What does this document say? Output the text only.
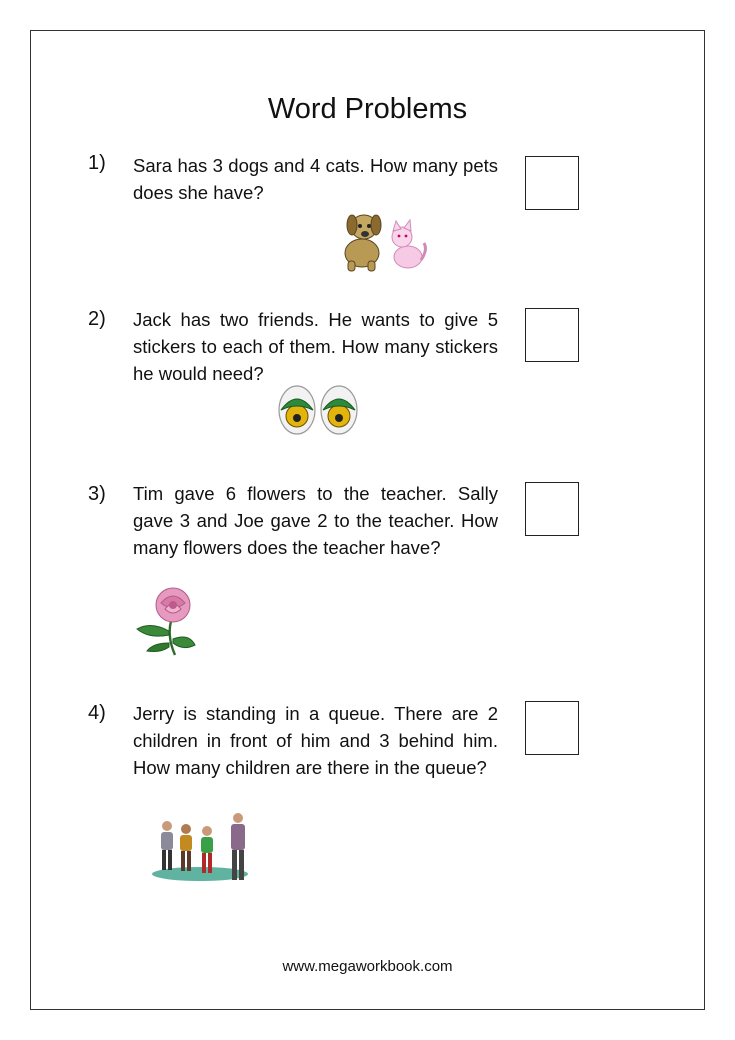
Word Problems
1) Sara has 3 dogs and 4 cats. How many pets does she have?
2) Jack has two friends. He wants to give 5 stickers to each of them. How many stickers he would need?
3) Tim gave 6 flowers to the teacher. Sally gave 3 and Joe gave 2 to the teacher. How many flowers does the teacher have?
4) Jerry is standing in a queue. There are 2 children in front of him and 3 behind him. How many children are there in the queue?
www.megaworkbook.com
